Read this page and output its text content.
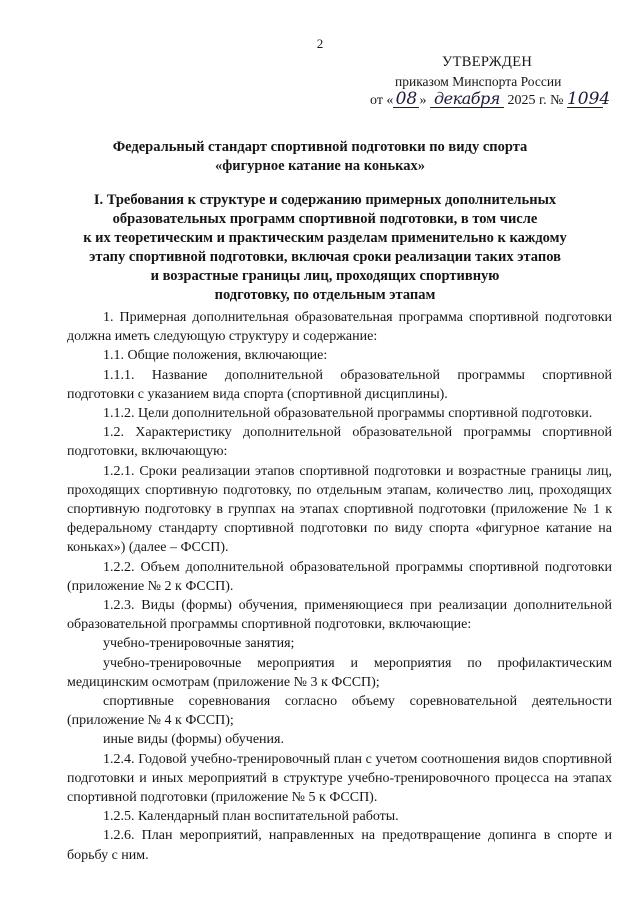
2
УТВЕРЖДЕН
приказом Минспорта России
от « 08 » декабря 2025 г. № 1094
Федеральный стандарт спортивной подготовки по виду спорта
«фигурное катание на коньках»
I. Требования к структуре и содержанию примерных дополнительных
образовательных программ спортивной подготовки, в том числе
к их теоретическим и практическим разделам применительно к каждому
этапу спортивной подготовки, включая сроки реализации таких этапов
и возрастные границы лиц, проходящих спортивную
подготовку, по отдельным этапам

1. Примерная дополнительная образовательная программа спортивной подготовки должна иметь следующую структуру и содержание:

1.1. Общие положения, включающие:

1.1.1. Название дополнительной образовательной программы спортивной подготовки с указанием вида спорта (спортивной дисциплины).

1.1.2. Цели дополнительной образовательной программы спортивной подготовки.

1.2. Характеристику дополнительной образовательной программы спортивной подготовки, включающую:

1.2.1. Сроки реализации этапов спортивной подготовки и возрастные границы лиц, проходящих спортивную подготовку, по отдельным этапам, количество лиц, проходящих спортивную подготовку в группах на этапах спортивной подготовки (приложение № 1 к федеральному стандарту спортивной подготовки по виду спорта «фигурное катание на коньках») (далее – ФССП).

1.2.2. Объем дополнительной образовательной программы спортивной подготовки (приложение № 2 к ФССП).

1.2.3. Виды (формы) обучения, применяющиеся при реализации дополнительной образовательной программы спортивной подготовки, включающие:

учебно-тренировочные занятия;

учебно-тренировочные мероприятия и мероприятия по профилактическим медицинским осмотрам (приложение № 3 к ФССП);

спортивные соревнования согласно объему соревновательной деятельности (приложение № 4 к ФССП);

иные виды (формы) обучения.

1.2.4. Годовой учебно-тренировочный план с учетом соотношения видов спортивной подготовки и иных мероприятий в структуре учебно-тренировочного процесса на этапах спортивной подготовки (приложение № 5 к ФССП).

1.2.5. Календарный план воспитательной работы.

1.2.6. План мероприятий, направленных на предотвращение допинга в спорте и борьбу с ним.
